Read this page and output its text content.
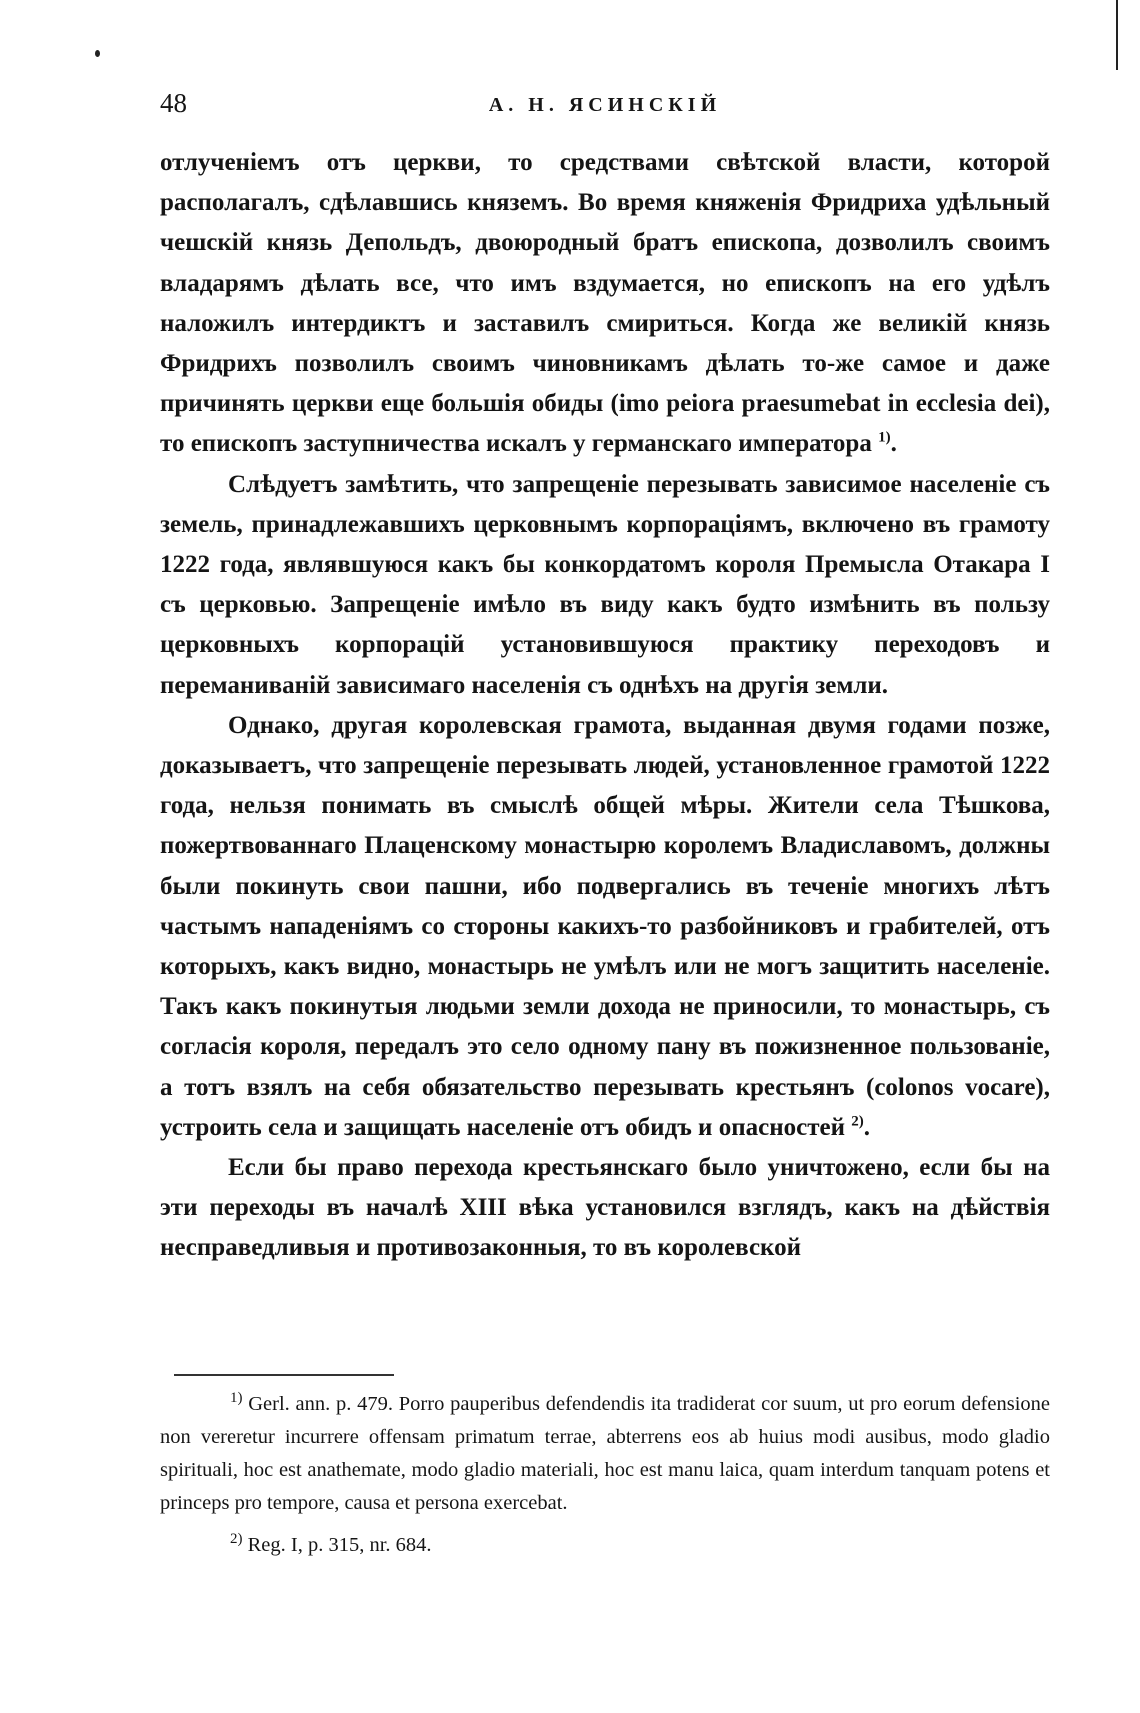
48	А. Н. ЯСИНСКІЙ

отлученіемъ отъ церкви, то средствами свѣтской власти, которой располагалъ, сдѣлавшись княземъ. Во время княженія Фридриха удѣльный чешскій князь Депольдъ, двоюродный братъ епископа, дозволилъ своимъ владарямъ дѣлать все, что имъ вздумается, но епископъ на его удѣлъ наложилъ интердиктъ и заставилъ смириться. Когда же великій князь Фридрихъ позволилъ своимъ чиновникамъ дѣлать то-же самое и даже причинять церкви еще большія обиды (imo peiora praesumebat in ecclesia dei), то епископъ заступничества искалъ у германскаго императора $^{1)}$.

Слѣдуетъ замѣтить, что запрещеніе перезывать зависимое населеніе съ земель, принадлежавшихъ церковнымъ корпораціямъ, включено въ грамоту 1222 года, являвшуюся какъ бы конкордатомъ короля Премысла Отакара I съ церковью. Запрещеніе имѣло въ виду какъ будто измѣнить въ пользу церковныхъ корпорацій установившуюся практику переходовъ и переманиваній зависимаго населенія съ однѣхъ на другія земли.

Однако, другая королевская грамота, выданная двумя годами позже, доказываетъ, что запрещеніе перезывать людей, установленное грамотой 1222 года, нельзя понимать въ смыслѣ общей мѣры. Жители села Тѣшкова, пожертвованнаго Плаценскому монастырю королемъ Владиславомъ, должны были покинуть свои пашни, ибо подвергались въ теченіе многихъ лѣтъ частымъ нападеніямъ со стороны какихъ-то разбойниковъ и грабителей, отъ которыхъ, какъ видно, монастырь не умѣлъ или не могъ защитить населеніе. Такъ какъ покинутыя людьми земли дохода не приносили, то монастырь, съ согласія короля, передалъ это село одному пану въ пожизненное пользованіе, а тотъ взялъ на себя обязательство перезывать крестьянъ (colonos vocare), устроить села и защищать населеніе отъ обидъ и опасностей $^{2)}$.

Если бы право перехода крестьянскаго было уничтожено, если бы на эти переходы въ началѣ XIII вѣка установился взглядъ, какъ на дѣйствія несправедливыя и противозаконныя, то въ королевской

$^{1)}$ Gerl. ann. p. 479. Porro pauperibus defendendis ita tradiderat cor suum, ut pro eorum defensione non vereretur incurrere offensam primatum terrae, abterrens eos ab huius modi ausibus, modo gladio spirituali, hoc est anathemate, modo gladio materiali, hoc est manu laica, quam interdum tanquam potens et princeps pro tempore, causa et persona exercebat.

$^{2)}$ Reg. I, p. 315, nr. 684.
